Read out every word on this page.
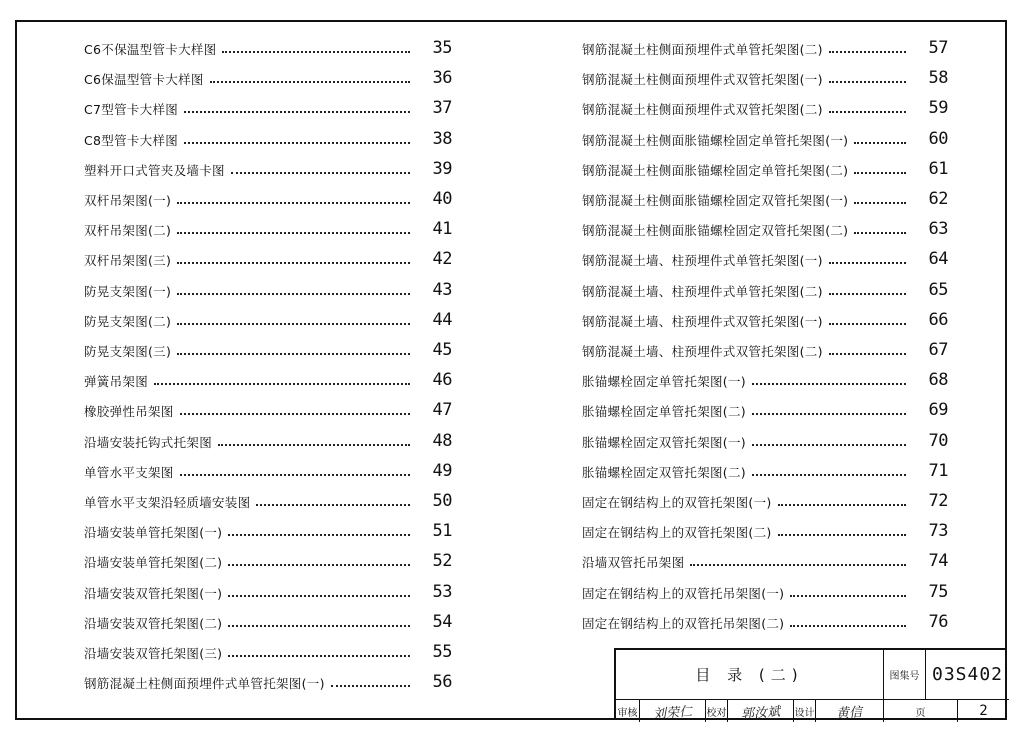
C6不保温型管卡大样图	35
C6保温型管卡大样图	36
C7型管卡大样图	37
C8型管卡大样图	38
塑料开口式管夹及墙卡图	39
双杆吊架图(一)	40
双杆吊架图(二)	41
双杆吊架图(三)	42
防晃支架图(一)	43
防晃支架图(二)	44
防晃支架图(三)	45
弹簧吊架图	46
橡胶弹性吊架图	47
沿墙安装托钩式托架图	48
单管水平支架图	49
单管水平支架沿轻质墙安装图	50
沿墙安装单管托架图(一)	51
沿墙安装单管托架图(二)	52
沿墙安装双管托架图(一)	53
沿墙安装双管托架图(二)	54
沿墙安装双管托架图(三)	55
钢筋混凝土柱侧面预埋件式单管托架图(一)	56
钢筋混凝土柱侧面预埋件式单管托架图(二)	57
钢筋混凝土柱侧面预埋件式双管托架图(一)	58
钢筋混凝土柱侧面预埋件式双管托架图(二)	59
钢筋混凝土柱侧面胀锚螺栓固定单管托架图(一)	60
钢筋混凝土柱侧面胀锚螺栓固定单管托架图(二)	61
钢筋混凝土柱侧面胀锚螺栓固定双管托架图(一)	62
钢筋混凝土柱侧面胀锚螺栓固定双管托架图(二)	63
钢筋混凝土墙、柱预埋件式单管托架图(一)	64
钢筋混凝土墙、柱预埋件式单管托架图(二)	65
钢筋混凝土墙、柱预埋件式双管托架图(一)	66
钢筋混凝土墙、柱预埋件式双管托架图(二)	67
胀锚螺栓固定单管托架图(一)	68
胀锚螺栓固定单管托架图(二)	69
胀锚螺栓固定双管托架图(一)	70
胀锚螺栓固定双管托架图(二)	71
固定在钢结构上的双管托架图(一)	72
固定在钢结构上的双管托架图(二)	73
沿墙双管托吊架图	74
固定在钢结构上的双管托吊架图(一)	75
固定在钢结构上的双管托吊架图(二)	76
目 录 (二)	图集号 03S402
审核 刘荣仁 校对 郭汝斌 设计 黄信	页	2
